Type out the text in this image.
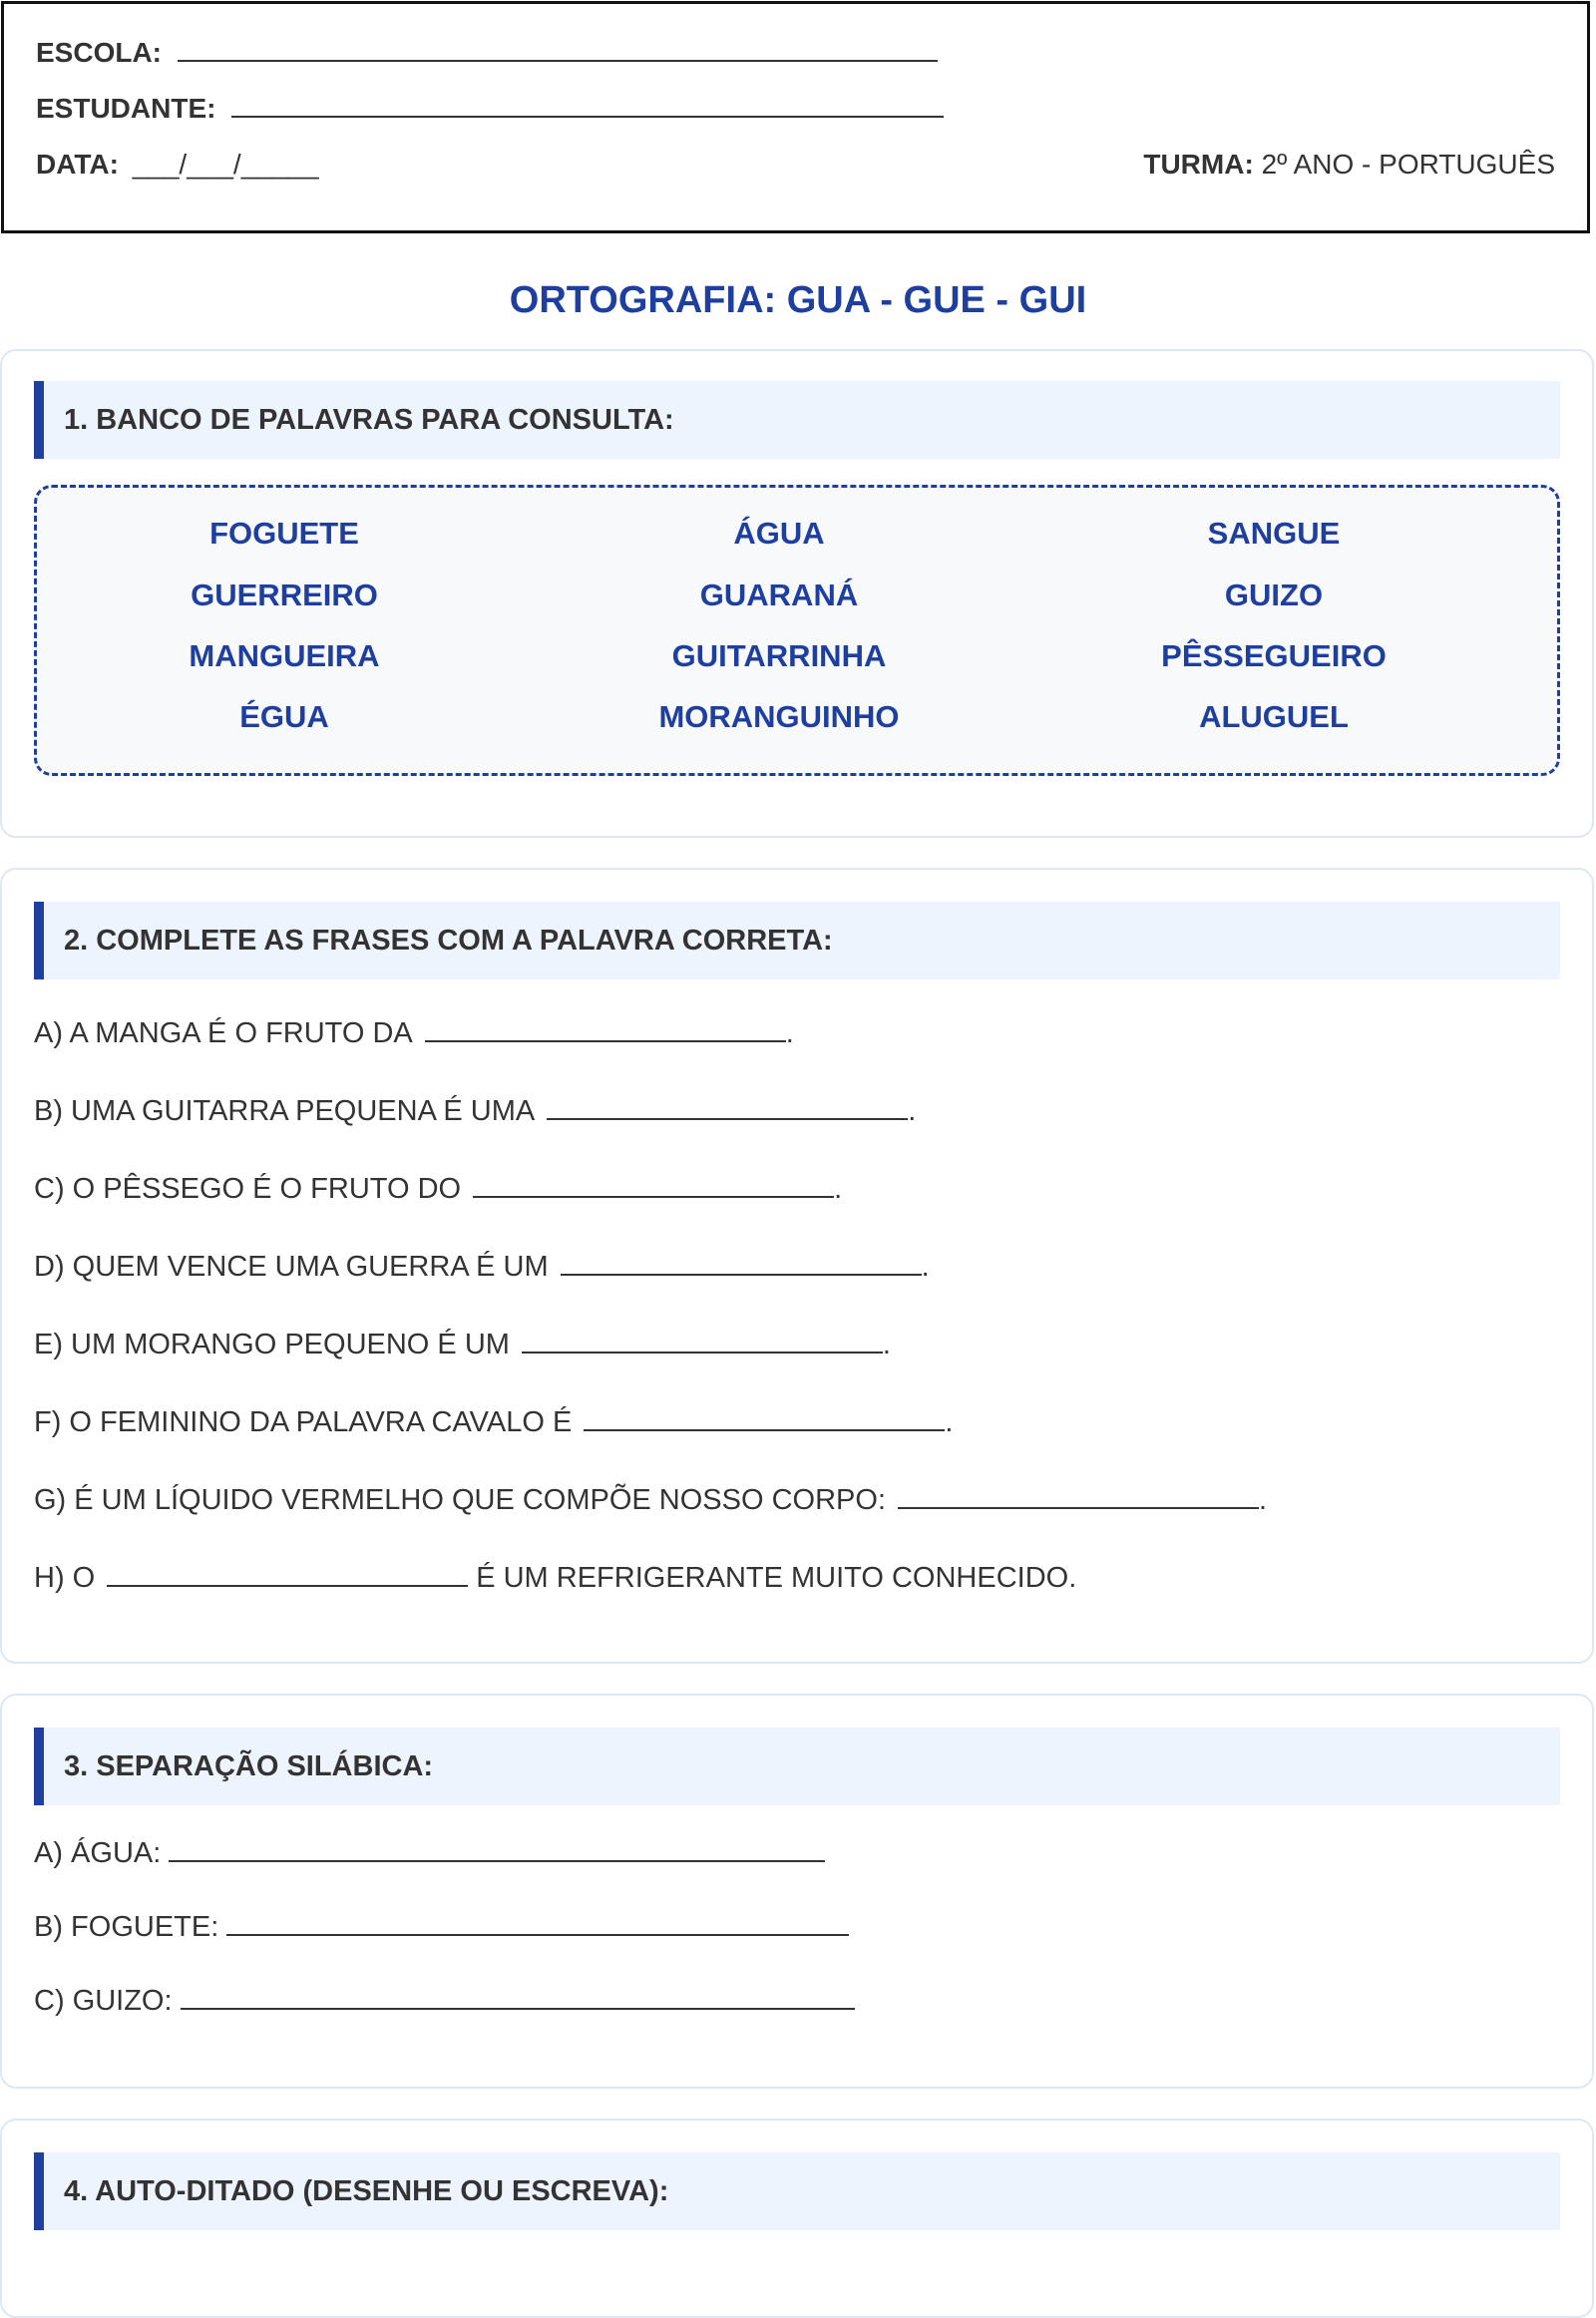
ESCOLA:
ESTUDANTE:
DATA: ___/___/_____	TURMA: 2º ANO - PORTUGUÊS
ORTOGRAFIA: GUA - GUE - GUI
1. BANCO DE PALAVRAS PARA CONSULTA:
FOGUETE	ÁGUA	SANGUE
GUERREIRO	GUARANÁ	GUIZO
MANGUEIRA	GUITARRINHA	PÊSSEGUEIRO
ÉGUA	MORANGUINHO	ALUGUEL
2. COMPLETE AS FRASES COM A PALAVRA CORRETA:
A) A MANGA É O FRUTO DA	.
B) UMA GUITARRA PEQUENA É UMA	.
C) O PÊSSEGO É O FRUTO DO	.
D) QUEM VENCE UMA GUERRA É UM	.
E) UM MORANGO PEQUENO É UM	.
F) O FEMININO DA PALAVRA CAVALO É	.
G) É UM LÍQUIDO VERMELHO QUE COMPÕE NOSSO CORPO:	.
H) O	É UM REFRIGERANTE MUITO CONHECIDO.
3. SEPARAÇÃO SILÁBICA:
A) ÁGUA:
B) FOGUETE:
C) GUIZO:
4. AUTO-DITADO (DESENHE OU ESCREVA):
